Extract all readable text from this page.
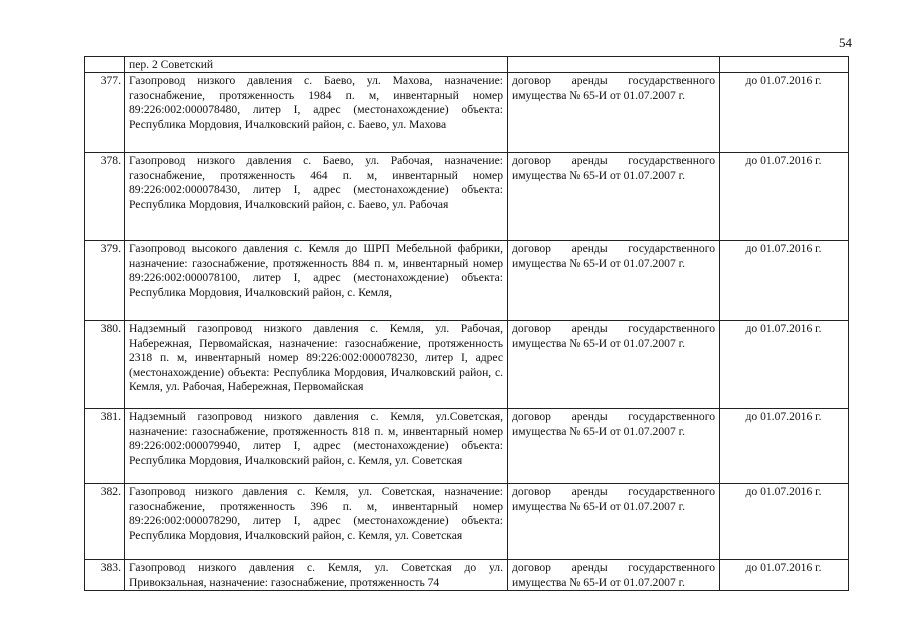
54
	пер. 2 Советский		
377.	Газопровод низкого давления с. Баево, ул. Махова, назначение: газоснабжение, протяженность 1984 п. м, инвентарный номер 89:226:002:000078480, литер I, адрес (местонахождение) объекта: Республика Мордовия, Ичалковский район, с. Баево, ул. Махова	договор аренды государственного имущества № 65-И от 01.07.2007 г.	до 01.07.2016 г.
378.	Газопровод низкого давления с. Баево, ул. Рабочая, назначение: газоснабжение, протяженность 464 п. м, инвентарный номер 89:226:002:000078430, литер I, адрес (местонахождение) объекта: Республика Мордовия, Ичалковский район, с. Баево, ул. Рабочая	договор аренды государственного имущества № 65-И от 01.07.2007 г.	до 01.07.2016 г.
379.	Газопровод высокого давления с. Кемля до ШРП Мебельной фабрики, назначение: газоснабжение, протяженность 884 п. м, инвентарный номер 89:226:002:000078100, литер I, адрес (местонахождение) объекта: Республика Мордовия, Ичалковский район, с. Кемля,	договор аренды государственного имущества № 65-И от 01.07.2007 г.	до 01.07.2016 г.
380.	Надземный газопровод низкого давления с. Кемля, ул. Рабочая, Набережная, Первомайская, назначение: газоснабжение, протяженность 2318 п. м, инвентарный номер 89:226:002:000078230, литер I, адрес (местонахождение) объекта: Республика Мордовия, Ичалковский район, с. Кемля, ул. Рабочая, Набережная, Первомайская	договор аренды государственного имущества № 65-И от 01.07.2007 г.	до 01.07.2016 г.
381.	Надземный газопровод низкого давления с. Кемля, ул.Советская, назначение: газоснабжение, протяженность 818 п. м, инвентарный номер 89:226:002:000079940, литер I, адрес (местонахождение) объекта: Республика Мордовия, Ичалковский район, с. Кемля, ул. Советская	договор аренды государственного имущества № 65-И от 01.07.2007 г.	до 01.07.2016 г.
382.	Газопровод низкого давления с. Кемля, ул. Советская, назначение: газоснабжение, протяженность 396 п. м, инвентарный номер 89:226:002:000078290, литер I, адрес (местонахождение) объекта: Республика Мордовия, Ичалковский район, с. Кемля, ул. Советская	договор аренды государственного имущества № 65-И от 01.07.2007 г.	до 01.07.2016 г.
383.	Газопровод низкого давления с. Кемля, ул. Советская до ул. Привокзальная, назначение: газоснабжение, протяженность 74	договор аренды государственного имущества № 65-И от 01.07.2007 г.	до 01.07.2016 г.
